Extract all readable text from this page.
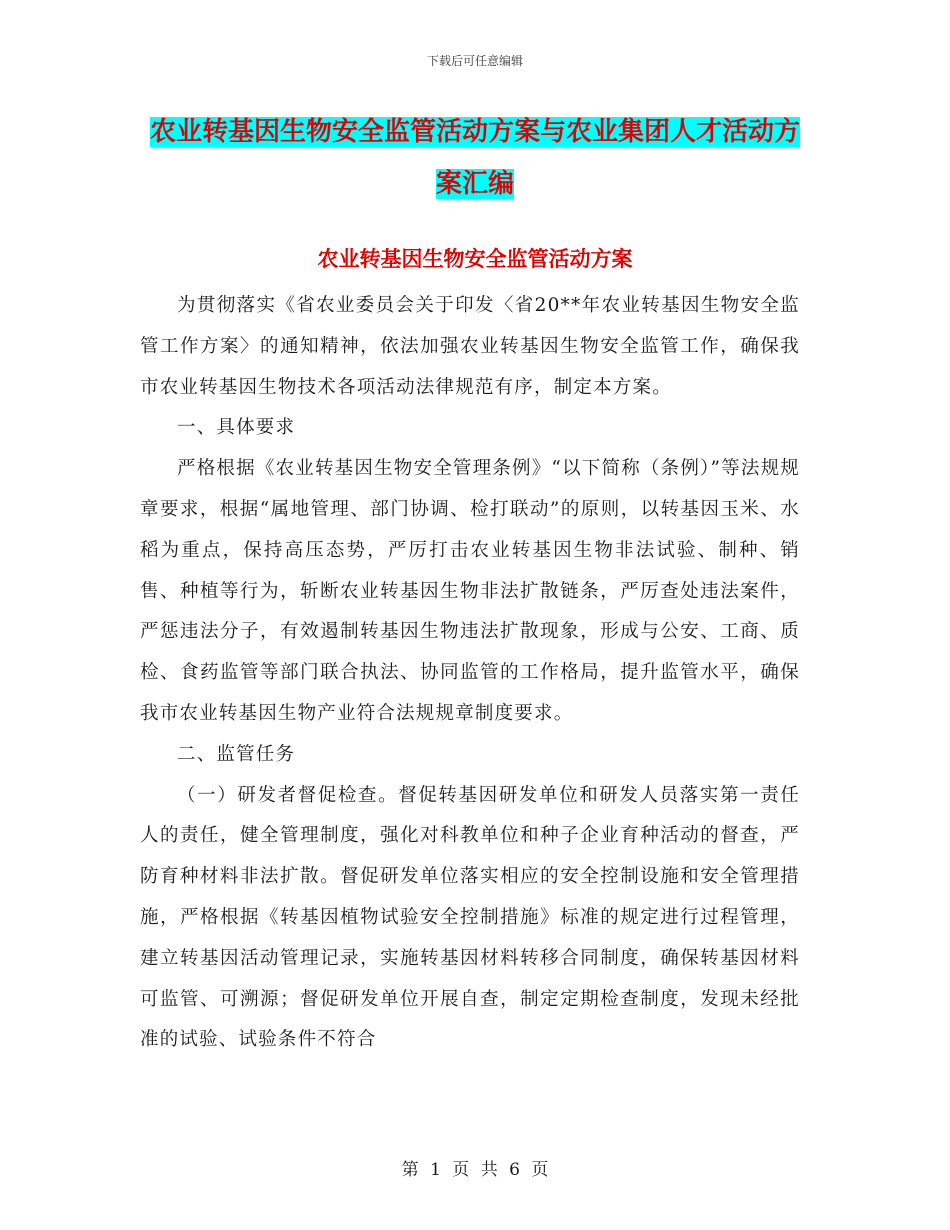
下载后可任意编辑
农业转基因生物安全监管活动方案与农业集团人才活动方案汇编
农业转基因生物安全监管活动方案

为贯彻落实《省农业委员会关于印发〈省20**年农业转基因生物安全监管工作方案〉的通知精神，依法加强农业转基因生物安全监管工作，确保我市农业转基因生物技术各项活动法律规范有序，制定本方案。

一、具体要求

严格根据《农业转基因生物安全管理条例》“以下简称（条例）”等法规规章要求，根据“属地管理、部门协调、检打联动”的原则，以转基因玉米、水稻为重点，保持高压态势，严厉打击农业转基因生物非法试验、制种、销售、种植等行为，斩断农业转基因生物非法扩散链条，严厉查处违法案件，严惩违法分子，有效遏制转基因生物违法扩散现象，形成与公安、工商、质检、食药监管等部门联合执法、协同监管的工作格局，提升监管水平，确保我市农业转基因生物产业符合法规规章制度要求。

二、监管任务

（一）研发者督促检查。督促转基因研发单位和研发人员落实第一责任人的责任，健全管理制度，强化对科教单位和种子企业育种活动的督查，严防育种材料非法扩散。督促研发单位落实相应的安全控制设施和安全管理措施，严格根据《转基因植物试验安全控制措施》标准的规定进行过程管理，建立转基因活动管理记录，实施转基因材料转移合同制度，确保转基因材料可监管、可溯源；督促研发单位开展自查，制定定期检查制度，发现未经批准的试验、试验条件不符合

第 1 页 共 6 页
